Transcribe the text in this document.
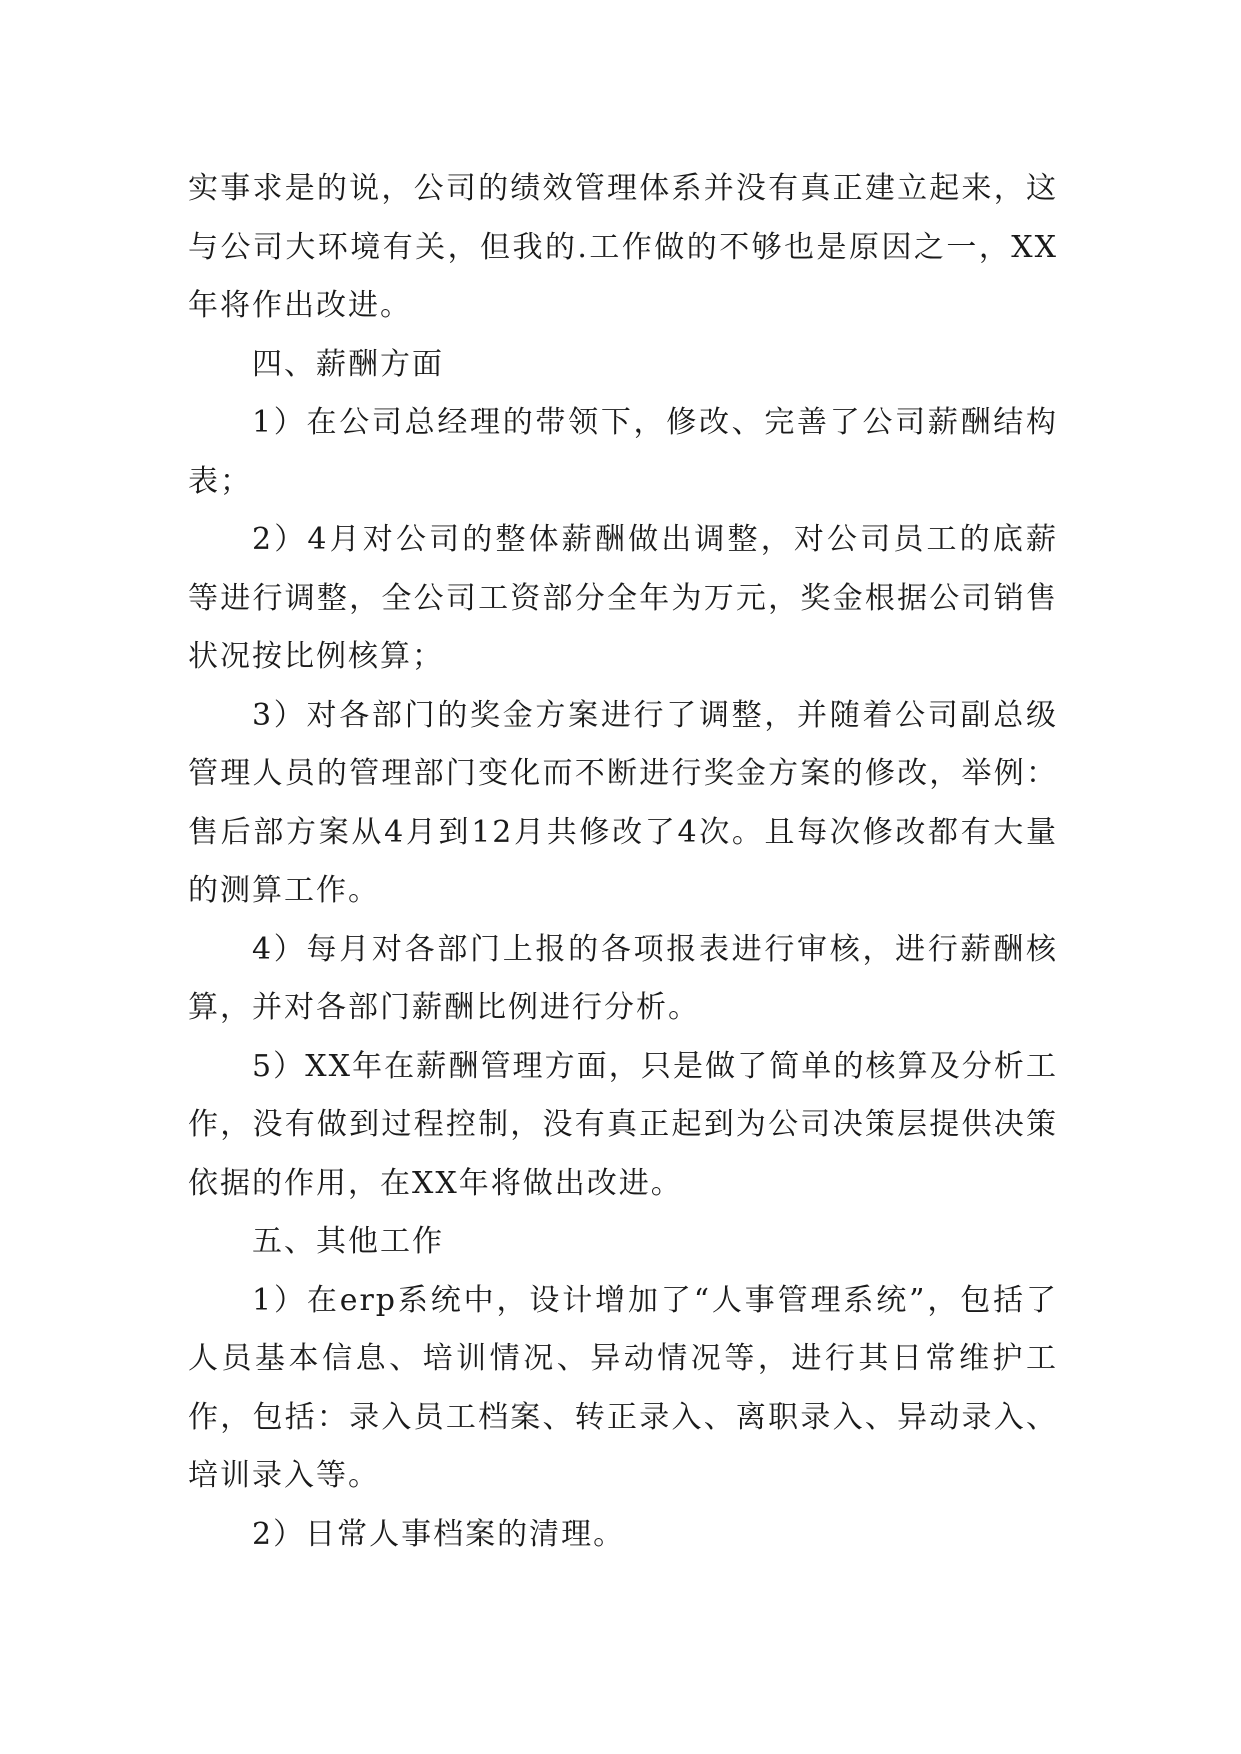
实事求是的说，公司的绩效管理体系并没有真正建立起来，这与公司大环境有关，但我的.工作做的不够也是原因之一，XX年将作出改进。

四、薪酬方面

1）在公司总经理的带领下，修改、完善了公司薪酬结构表；

2）4月对公司的整体薪酬做出调整，对公司员工的底薪等进行调整，全公司工资部分全年为万元，奖金根据公司销售状况按比例核算；

3）对各部门的奖金方案进行了调整，并随着公司副总级管理人员的管理部门变化而不断进行奖金方案的修改，举例：售后部方案从4月到12月共修改了4次。且每次修改都有大量的测算工作。

4）每月对各部门上报的各项报表进行审核，进行薪酬核算，并对各部门薪酬比例进行分析。

5）XX年在薪酬管理方面，只是做了简单的核算及分析工作，没有做到过程控制，没有真正起到为公司决策层提供决策依据的作用，在XX年将做出改进。

五、其他工作

1）在erp系统中，设计增加了“人事管理系统”，包括了人员基本信息、培训情况、异动情况等，进行其日常维护工作，包括：录入员工档案、转正录入、离职录入、异动录入、培训录入等。

2）日常人事档案的清理。
